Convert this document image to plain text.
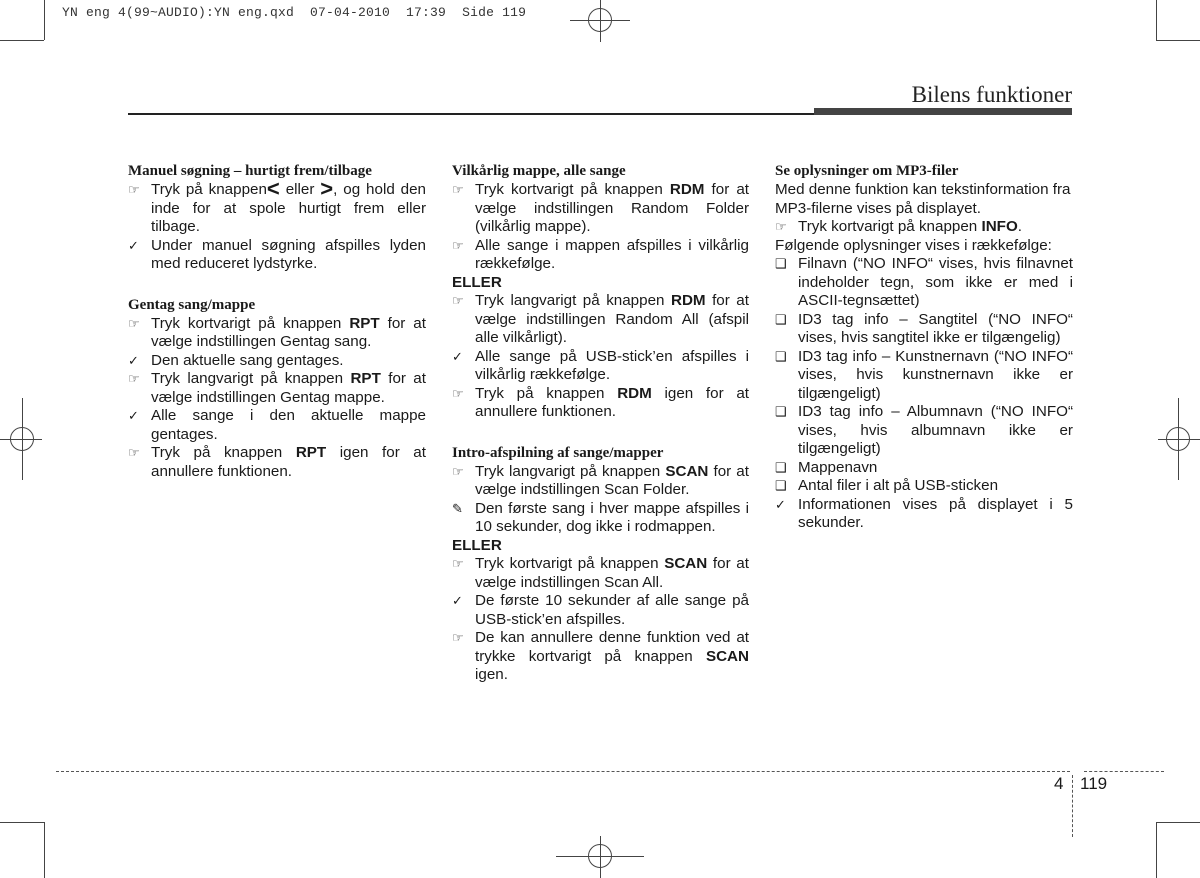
YN eng 4(99~AUDIO):YN eng.qxd  07-04-2010  17:39  Side 119
Bilens funktioner

Manuel søgning – hurtigt frem/tilbage

☞ Tryk på knappen< eller >, og hold den inde for at spole hurtigt frem eller tilbage.
✓ Under manuel søgning afspilles lyden med reduceret lydstyrke.

Gentag sang/mappe

☞ Tryk kortvarigt på knappen RPT for at vælge indstillingen Gentag sang.
✓ Den aktuelle sang gentages.
☞ Tryk langvarigt på knappen RPT for at vælge indstillingen Gentag mappe.
✓ Alle sange i den aktuelle mappe gentages.
☞ Tryk på knappen RPT igen for at annullere funktionen.

Vilkårlig mappe, alle sange

☞ Tryk kortvarigt på knappen RDM for at vælge indstillingen Random Folder (vilkårlig mappe).
☞ Alle sange i mappen afspilles i vilkårlig rækkefølge.

ELLER

☞ Tryk langvarigt på knappen RDM for at vælge indstillingen Random All (afspil alle vilkårligt).
✓ Alle sange på USB-stick’en afspilles i vilkårlig rækkefølge.
☞ Tryk på knappen RDM igen for at annullere funktionen.

Intro-afspilning af sange/mapper

☞ Tryk langvarigt på knappen SCAN for at vælge indstillingen Scan Folder.
✎ Den første sang i hver mappe afspilles i 10 sekunder, dog ikke i rodmappen.

ELLER

☞ Tryk kortvarigt på knappen SCAN for at vælge indstillingen Scan All.
✓ De første 10 sekunder af alle sange på USB-stick’en afspilles.
☞ De kan annullere denne funktion ved at trykke kortvarigt på knappen SCAN igen.

Se oplysninger om MP3-filer

Med denne funktion kan tekstinformation fra MP3-filerne vises på displayet.

☞ Tryk kortvarigt på knappen INFO.

Følgende oplysninger vises i rækkefølge:

❑ Filnavn (“NO INFO“ vises, hvis filnavnet indeholder tegn, som ikke er med i ASCII-tegnsættet)
❑ ID3 tag info – Sangtitel (“NO INFO“ vises, hvis sangtitel ikke er tilgængelig)
❑ ID3 tag info – Kunstnernavn (“NO INFO“ vises, hvis kunstnernavn ikke er tilgængeligt)
❑ ID3 tag info – Albumnavn (“NO INFO“ vises, hvis albumnavn ikke er tilgængeligt)
❑ Mappenavn
❑ Antal filer i alt på USB-sticken
✓ Informationen vises på displayet i 5 sekunder.
4 119
